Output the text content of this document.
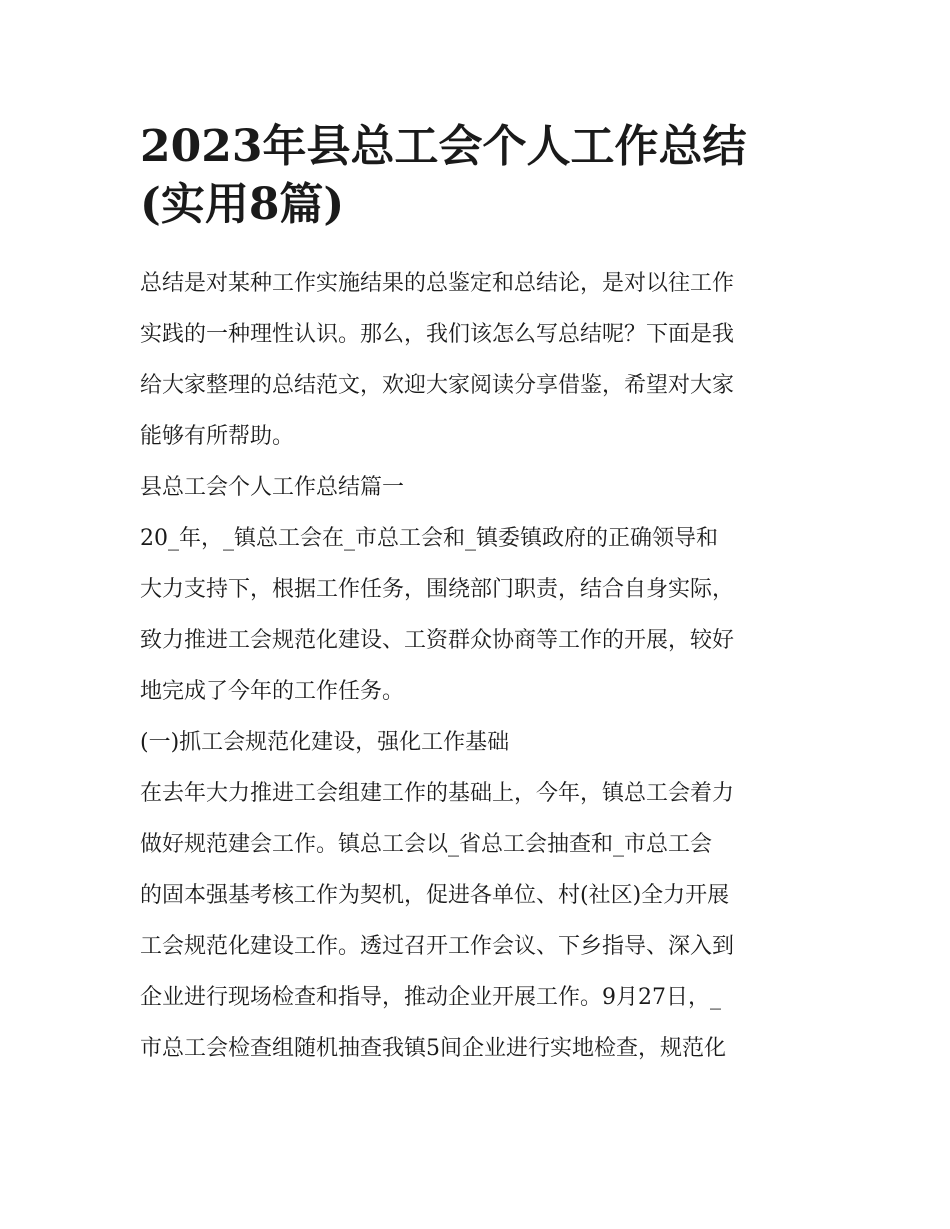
2023年县总工会个人工作总结
(实用8篇)
总结是对某种工作实施结果的总鉴定和总结论，是对以往工作
实践的一种理性认识。那么，我们该怎么写总结呢？下面是我
给大家整理的总结范文，欢迎大家阅读分享借鉴，希望对大家
能够有所帮助。
县总工会个人工作总结篇一
20_年，_镇总工会在_市总工会和_镇委镇政府的正确领导和
大力支持下，根据工作任务，围绕部门职责，结合自身实际，
致力推进工会规范化建设、工资群众协商等工作的开展，较好
地完成了今年的工作任务。
(一)抓工会规范化建设，强化工作基础
在去年大力推进工会组建工作的基础上，今年，镇总工会着力
做好规范建会工作。镇总工会以_省总工会抽查和_市总工会
的固本强基考核工作为契机，促进各单位、村(社区)全力开展
工会规范化建设工作。透过召开工作会议、下乡指导、深入到
企业进行现场检查和指导，推动企业开展工作。9月27日，_
市总工会检查组随机抽查我镇5间企业进行实地检查，规范化
